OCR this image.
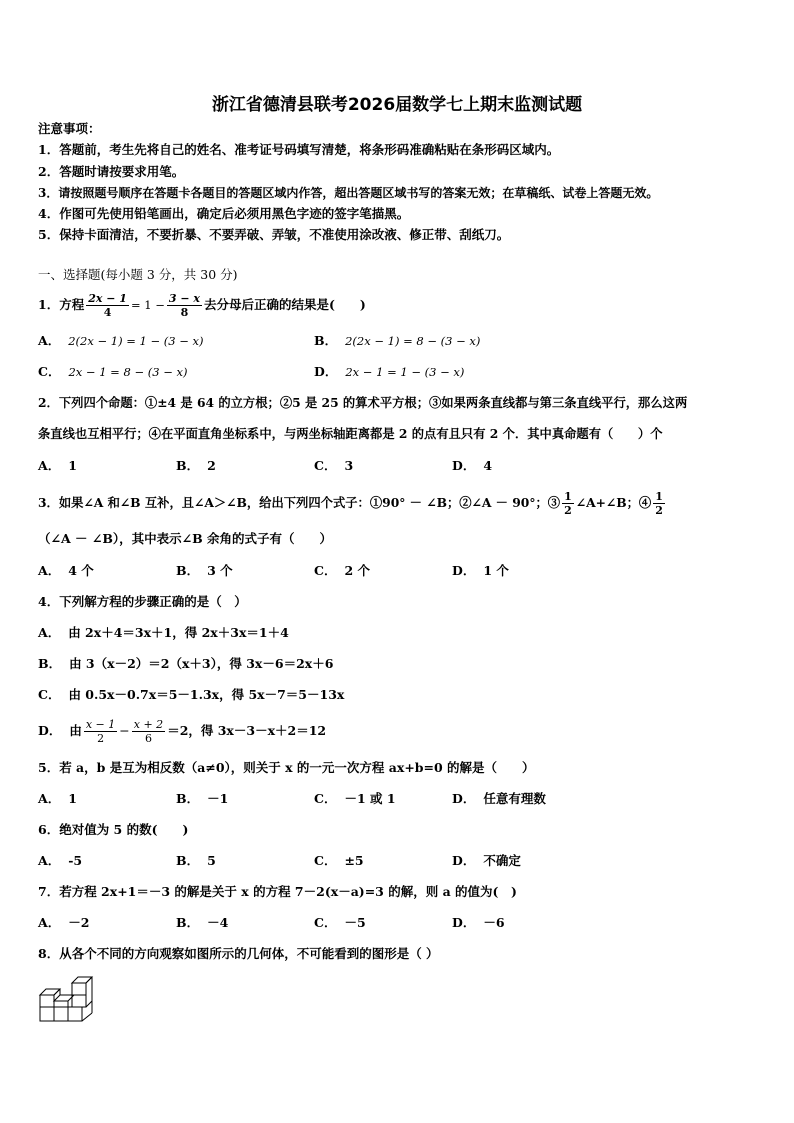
浙江省德清县联考2026届数学七上期末监测试题
注意事项：
1．答题前，考生先将自己的姓名、准考证号码填写清楚，将条形码准确粘贴在条形码区域内。
2．答题时请按要求用笔。
3．请按照题号顺序在答题卡各题目的答题区域内作答，超出答题区域书写的答案无效；在草稿纸、试卷上答题无效。
4．作图可先使用铅笔画出，确定后必须用黑色字迹的签字笔描黑。
5．保持卡面清洁，不要折暴、不要弄破、弄皱，不准使用涂改液、修正带、刮纸刀。
一、选择题(每小题 3 分，共 30 分)
1．方程 $\frac{2x - 1}{4} = 1 - \frac{3 - x}{8}$ 去分母后正确的结果是(　　)
A． 2(2x − 1) = 1 − (3 − x)	B． 2(2x − 1) = 8 − (3 − x)
C． 2x − 1 = 8 − (3 − x)	D． 2x − 1 = 1 − (3 − x)
2．下列四个命题：①±4 是 64 的立方根；②5 是 25 的算术平方根；③如果两条直线都与第三条直线平行，那么这两
条直线也互相平行；④在平面直角坐标系中，与两坐标轴距离都是 2 的点有且只有 2 个．其中真命题有（　　）个
A． 1	B． 2	C． 3	D． 4
3．如果∠A 和∠B 互补，且∠A＞∠B，给出下列四个式子：①90° － ∠B；②∠A － 90°；③ $\frac{1}{2}$ ∠A+∠B；④ $\frac{1}{2}$
（∠A － ∠B），其中表示∠B 余角的式子有（　　）
A． 4 个	B． 3 个	C． 2 个	D． 1 个
4．下列解方程的步骤正确的是（　）
A． 由 2x＋4＝3x＋1，得 2x＋3x＝1＋4
B． 由 3（x－2）＝2（x＋3），得 3x－6＝2x＋6
C． 由 0.5x－0.7x＝5－1.3x，得 5x－7＝5－13x
D． 由 $\frac{x - 1}{2} - \frac{x + 2}{6} =2$，得 3x－3－x＋2＝12
5．若 a，b 是互为相反数（a≠0），则关于 x 的一元一次方程 ax+b=0 的解是（　　）
A． 1	B． －1	C． －1 或 1	D． 任意有理数
6．绝对值为 5 的数(　　)
A． -5	B． 5	C． ±5	D． 不确定
7．若方程 2x+1＝－3 的解是关于 x 的方程 7－2(x－a)=3 的解，则 a 的值为(　)
A． －2	B． －4	C． －5	D． －6
8．从各个不同的方向观察如图所示的几何体，不可能看到的图形是（ ）
